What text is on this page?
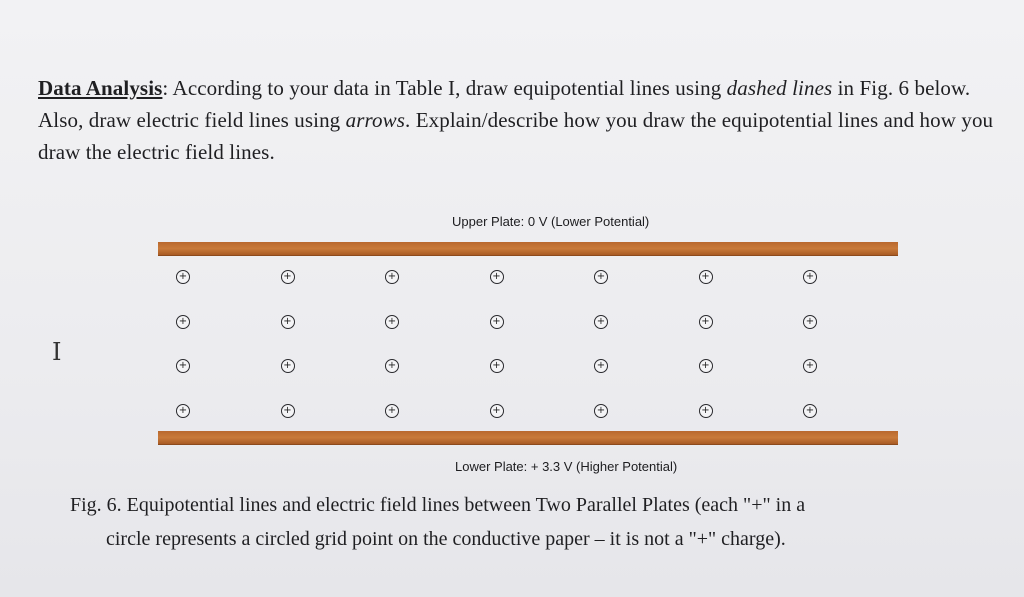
Data Analysis: According to your data in Table I, draw equipotential lines using dashed lines in Fig. 6 below. Also, draw electric field lines using arrows. Explain/describe how you draw the equipotential lines and how you draw the electric field lines.
Upper Plate: 0 V (Lower Potential)
+	+	+	+	+	+	+
+	+	+	+	+	+	+
+	+	+	+	+	+	+
+	+	+	+	+	+	+
Lower Plate: + 3.3 V (Higher Potential)
I
Fig. 6. Equipotential lines and electric field lines between Two Parallel Plates (each "+" in a
circle represents a circled grid point on the conductive paper – it is not a "+" charge).
